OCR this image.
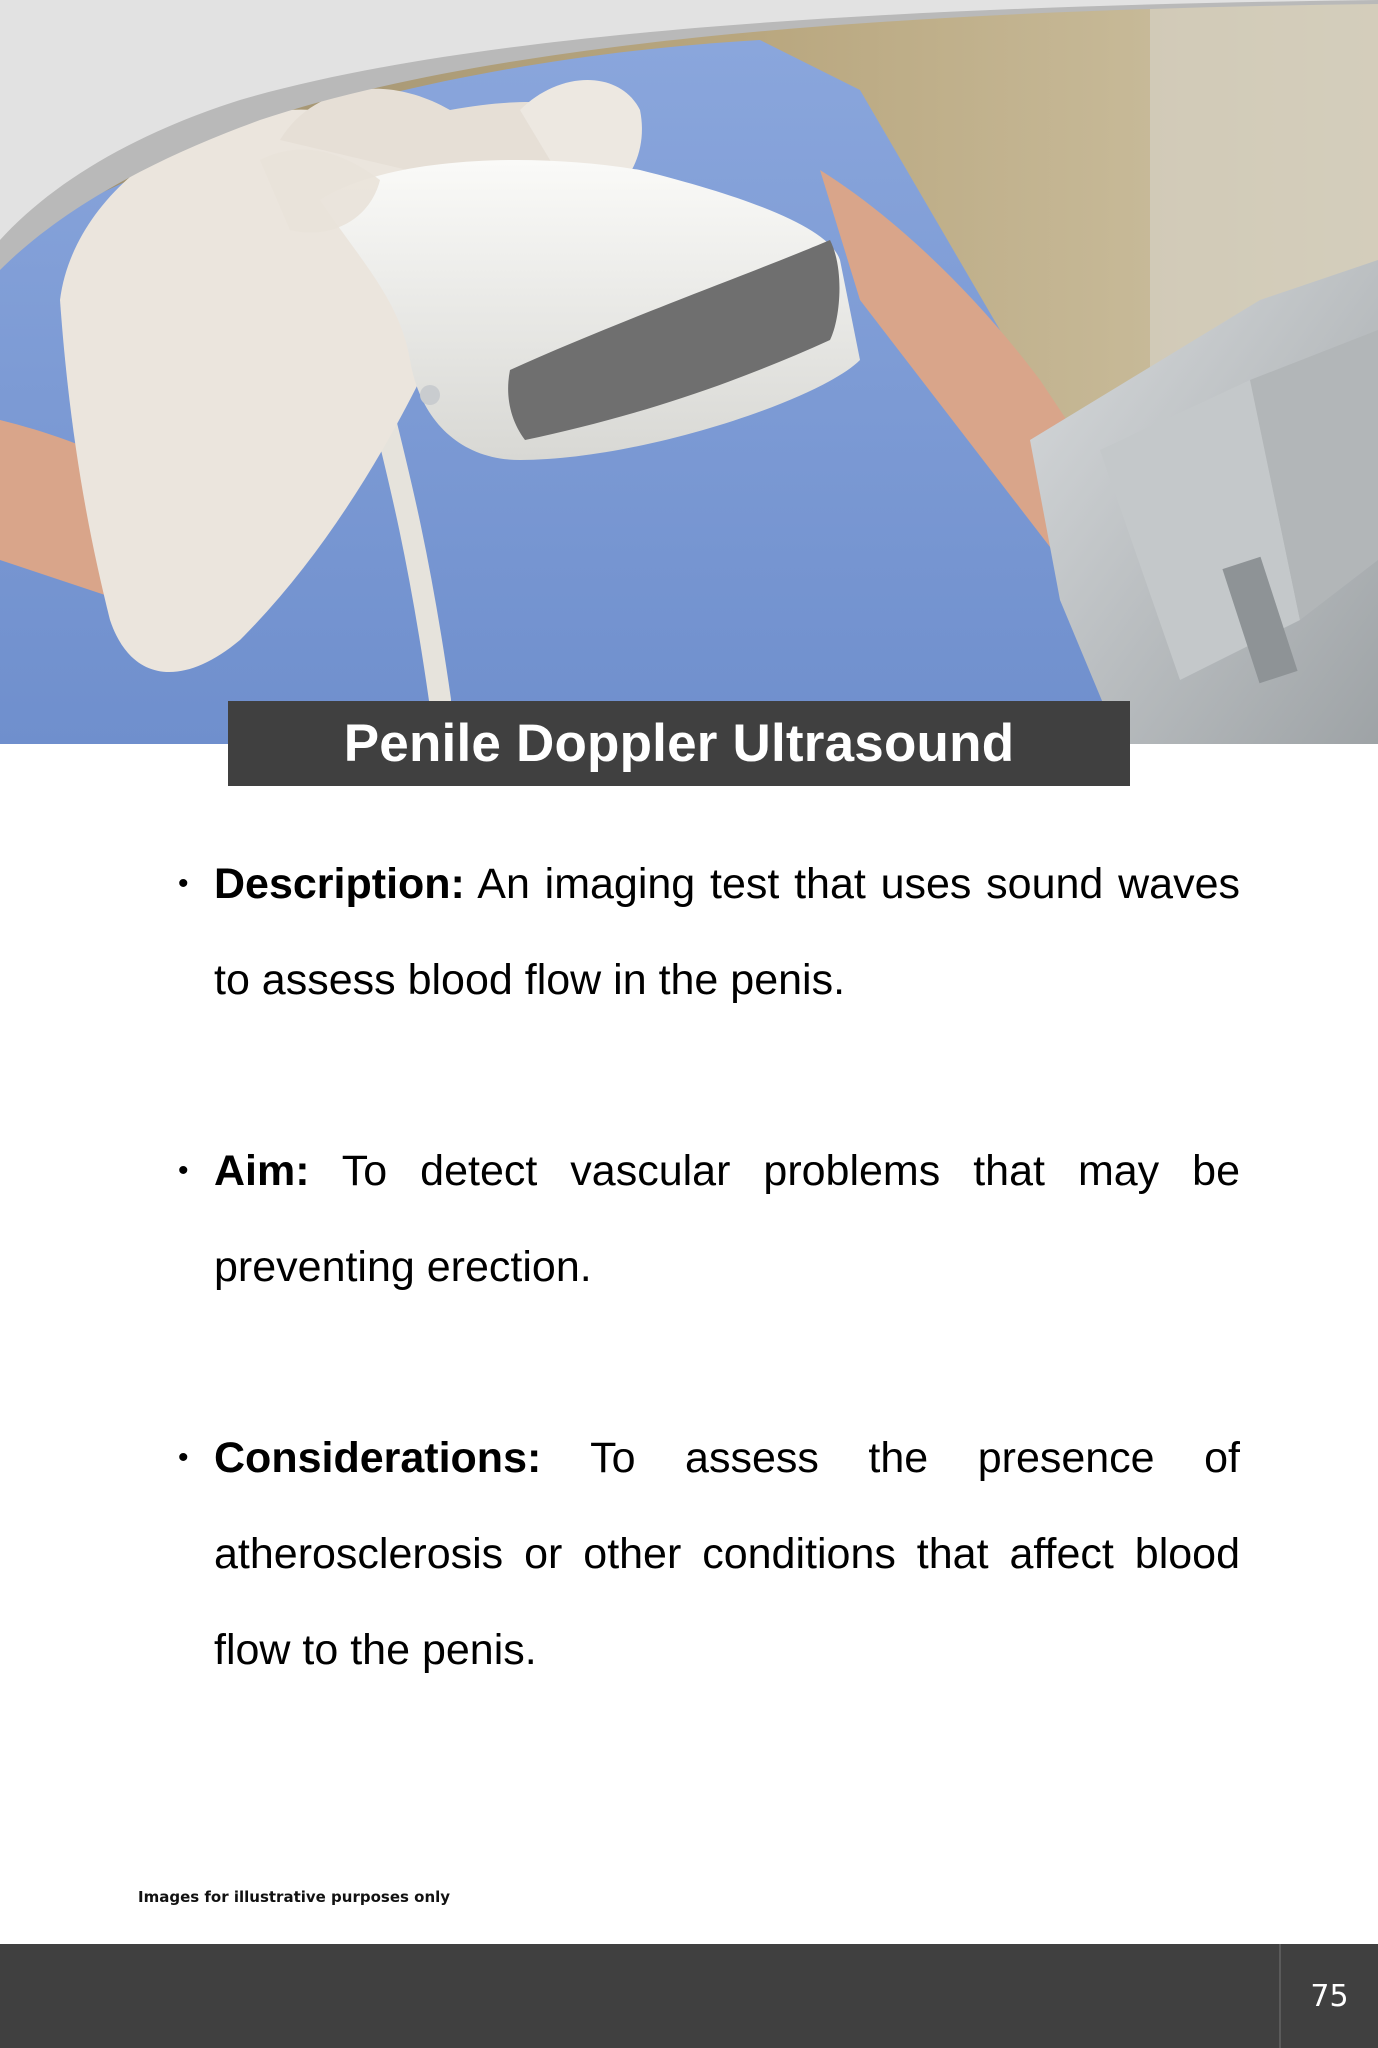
Penile Doppler Ultrasound
• Description: An imaging test that uses sound waves to assess blood flow in the penis.
• Aim: To detect vascular problems that may be preventing erection.
• Considerations: To assess the presence of atherosclerosis or other conditions that affect blood flow to the penis.
Images for illustrative purposes only
75
